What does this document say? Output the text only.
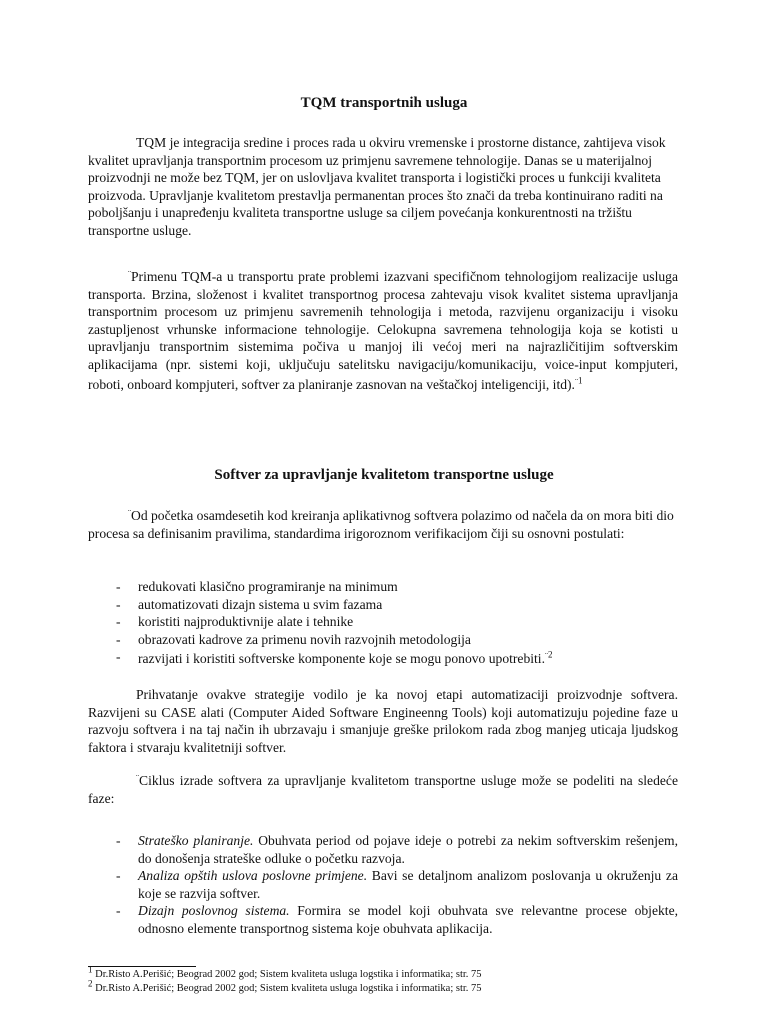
TQM transportnih usluga

TQM je integracija sredine i proces rada u okviru vremenske i prostorne distance, zahtijeva visok kvalitet upravljanja transportnim procesom uz primjenu savremene tehnologije. Danas se u materijalnoj proizvodnji ne može bez TQM, jer on uslovljava kvalitet transporta i logistički proces u funkciji kvaliteta proizvoda. Upravljanje kvalitetom prestavlja permanentan proces što znači da treba kontinuirano raditi na poboljšanju i unapređenju kvaliteta transportne usluge sa ciljem povećanja konkurentnosti na tržištu transportne usluge.

¨Primenu TQM-a u transportu prate problemi izazvani specifičnom tehnologijom realizacije usluga transporta. Brzina, složenost i kvalitet transportnog procesa zahtevaju visok kvalitet sistema upravljanja transportnim procesom uz primjenu savremenih tehnologija i metoda, razvijenu organizaciju i visoku zastupljenost vrhunske informacione tehnologije. Celokupna savremena tehnologija koja se kotisti u upravljanju transportnim sistemima počiva u manjoj ili većoj meri na najrazličitijim softverskim aplikacijama (npr. sistemi koji, uključuju satelitsku navigaciju/komunikaciju, voice-input kompjuteri, roboti, onboard kompjuteri, softver za planiranje zasnovan na veštačkoj inteligenciji, itd).$^{¨1}$

Softver za upravljanje kvalitetom transportne usluge

¨Od početka osamdesetih kod kreiranja aplikativnog softvera polazimo od načela da on mora biti dio procesa sa definisanim pravilima, standardima irigoroznom verifikacijom čiji su osnovni postulati:

- redukovati klasično programiranje na minimum
- automatizovati dizajn sistema u svim fazama
- koristiti najproduktivnije alate i tehnike
- obrazovati kadrove za primenu novih razvojnih metodologija
- razvijati i koristiti softverske komponente koje se mogu ponovo upotrebiti.$^{¨2}$

Prihvatanje ovakve strategije vodilo je ka novoj etapi automatizaciji proizvodnje softvera. Razvijeni su CASE alati (Computer Aided Software Engineenng Tools) koji automatizuju pojedine faze u razvoju softvera i na taj način ih ubrzavaju i smanjuje greške prilokom rada zbog manjeg uticaja ljudskog faktora i stvaraju kvalitetniji softver.

¨Ciklus izrade softvera za upravljanje kvalitetom transportne usluge može se podeliti na sledeće faze:

- Strateško planiranje. Obuhvata period od pojave ideje o potrebi za nekim softverskim rešenjem, do donošenja strateške odluke o početku razvoja.
- Analiza opštih uslova poslovne primjene. Bavi se detaljnom analizom poslovanja u okruženju za koje se razvija softver.
- Dizajn poslovnog sistema. Formira se model koji obuhvata sve relevantne procese objekte, odnosno elemente transportnog sistema koje obuhvata aplikacija.
$^1$ Dr.Risto A.Perišić; Beograd 2002 god; Sistem kvaliteta usluga logstika i informatika; str. 75
$^2$ Dr.Risto A.Perišić; Beograd 2002 god; Sistem kvaliteta usluga logstika i informatika; str. 75
